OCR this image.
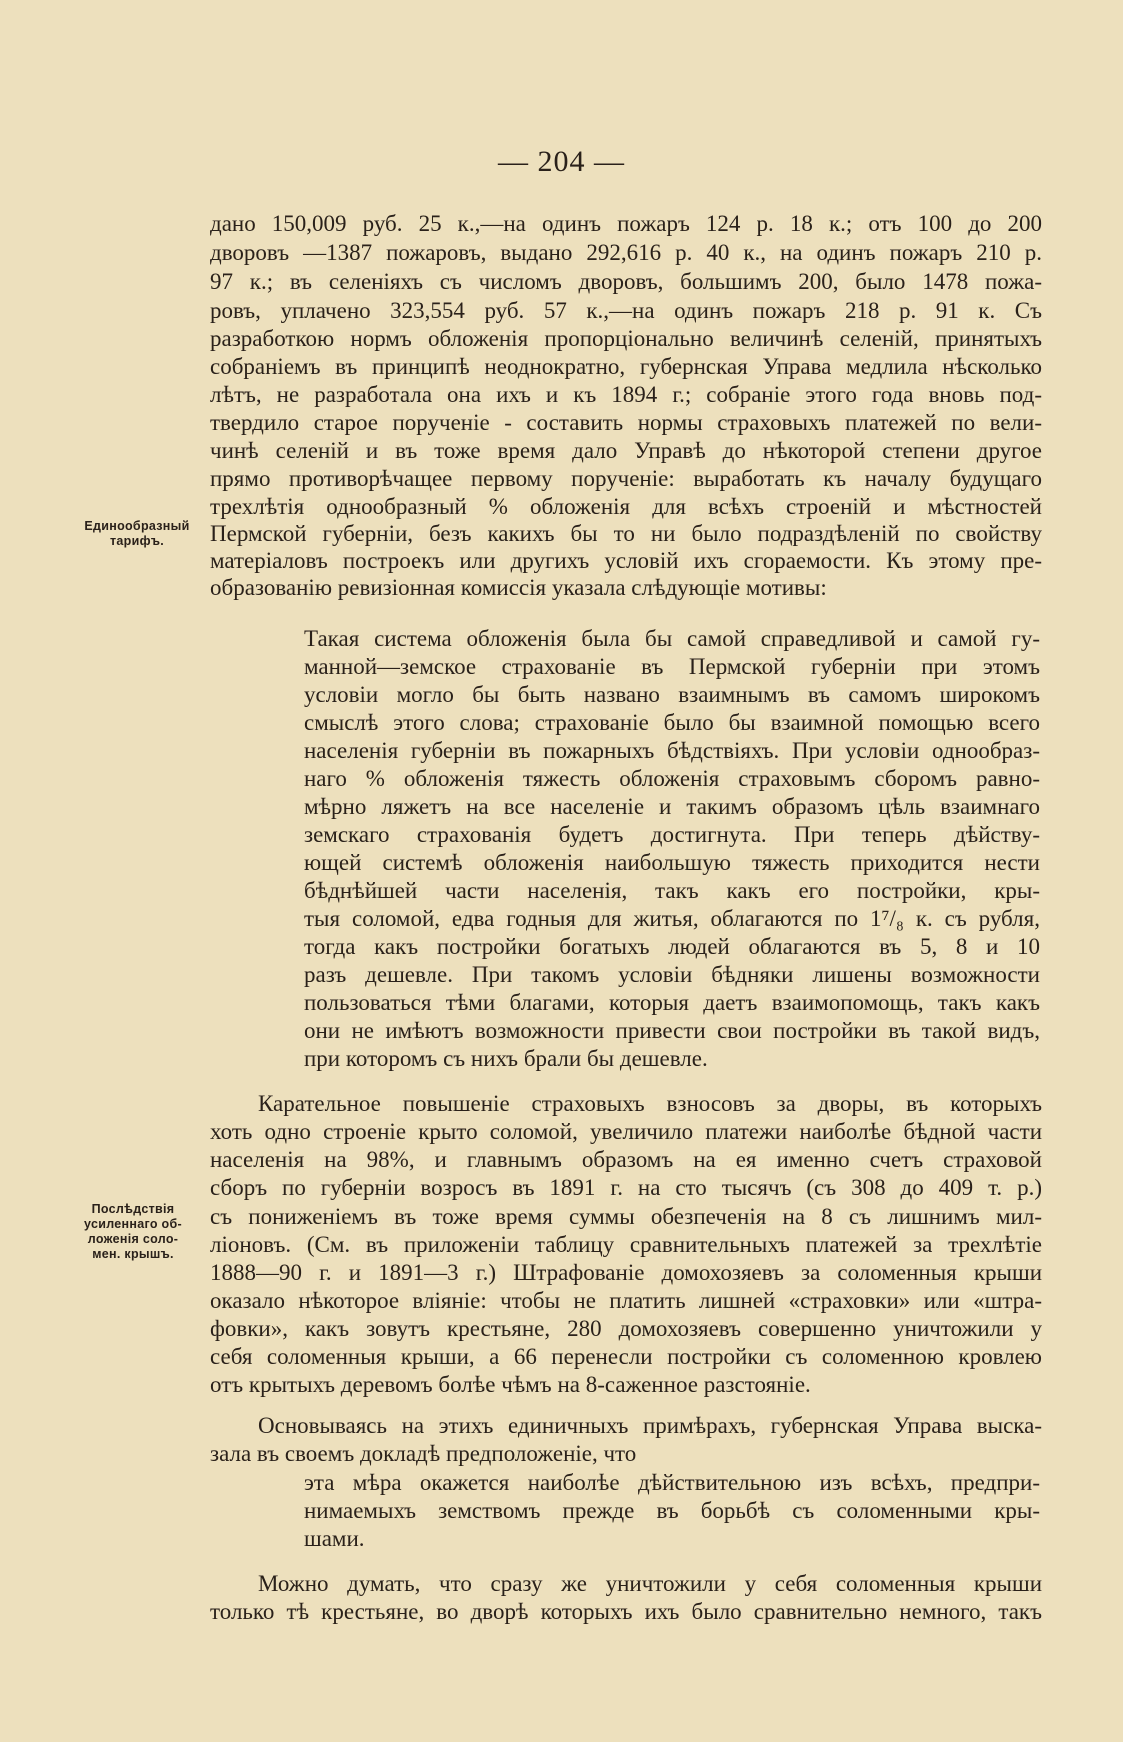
— 204 —
Единообразный
тарифъ.
Послѣдствія
усиленнаго об-
ложенія соло-
мен. крышъ.
дано 150,009 руб. 25 к.,—на одинъ пожаръ 124 р. 18 к.; отъ 100 до 200
дворовъ —1387 пожаровъ, выдано 292,616 р. 40 к., на одинъ пожаръ 210 р.
97 к.; въ селеніяхъ съ числомъ дворовъ, большимъ 200, было 1478 пожа-
ровъ, уплачено 323,554 руб. 57 к.,—на одинъ пожаръ 218 р. 91 к. Съ
разработкою нормъ обложенія пропорціонально величинѣ селеній, принятыхъ
собраніемъ въ принципѣ неоднократно, губернская Управа медлила нѣсколько
лѣтъ, не разработала она ихъ и къ 1894 г.; собраніе этого года вновь под-
твердило старое порученіе - составить нормы страховыхъ платежей по вели-
чинѣ селеній и въ тоже время дало Управѣ до нѣкоторой степени другое
прямо противорѣчащее первому порученіе: выработать къ началу будущаго
трехлѣтія однообразный % обложенія для всѣхъ строеній и мѣстностей
Пермской губерніи, безъ какихъ бы то ни было подраздѣленій по свойству
матеріаловъ построекъ или другихъ условій ихъ сгораемости. Къ этому пре-
образованію ревизіонная комиссія указала слѣдующіе мотивы:
Такая система обложенія была бы самой справедливой и самой гу-
манной—земское страхованіе въ Пермской губерніи при этомъ
условіи могло бы быть названо взаимнымъ въ самомъ широкомъ
смыслѣ этого слова; страхованіе было бы взаимной помощью всего
населенія губерніи въ пожарныхъ бѣдствіяхъ. При условіи однообраз-
наго % обложенія тяжесть обложенія страховымъ сборомъ равно-
мѣрно ляжетъ на все населеніе и такимъ образомъ цѣль взаимнаго
земскаго страхованія будетъ достигнута. При теперь дѣйству-
ющей системѣ обложенія наибольшую тяжесть приходится нести
бѣднѣйшей части населенія, такъ какъ его постройки, кры-
тыя соломой, едва годныя для житья, облагаются по 1⁷/₈ к. съ рубля,
тогда какъ постройки богатыхъ людей облагаются въ 5, 8 и 10
разъ дешевле. При такомъ условіи бѣдняки лишены возможности
пользоваться тѣми благами, которыя даетъ взаимопомощь, такъ какъ
они не имѣютъ возможности привести свои постройки въ такой видъ,
при которомъ съ нихъ брали бы дешевле.
Карательное повышеніе страховыхъ взносовъ за дворы, въ которыхъ
хоть одно строеніе крыто соломой, увеличило платежи наиболѣе бѣдной части
населенія на 98%, и главнымъ образомъ на ея именно счетъ страховой
сборъ по губерніи возросъ въ 1891 г. на сто тысячъ (съ 308 до 409 т. р.)
съ пониженіемъ въ тоже время суммы обезпеченія на 8 съ лишнимъ мил-
ліоновъ. (См. въ приложеніи таблицу сравнительныхъ платежей за трехлѣтіе
1888—90 г. и 1891—3 г.) Штрафованіе домохозяевъ за соломенныя крыши
оказало нѣкоторое вліяніе: чтобы не платить лишней «страховки» или «штра-
фовки», какъ зовутъ крестьяне, 280 домохозяевъ совершенно уничтожили у
себя соломенныя крыши, а 66 перенесли постройки съ соломенною кровлею
отъ крытыхъ деревомъ болѣе чѣмъ на 8-саженное разстояніе.
Основываясь на этихъ единичныхъ примѣрахъ, губернская Управа выска-
зала въ своемъ докладѣ предположеніе, что
эта мѣра окажется наиболѣе дѣйствительною изъ всѣхъ, предпри-
нимаемыхъ земствомъ прежде въ борьбѣ съ соломенными кры-
шами.
Можно думать, что сразу же уничтожили у себя соломенныя крыши
только тѣ крестьяне, во дворѣ которыхъ ихъ было сравнительно немного, такъ
